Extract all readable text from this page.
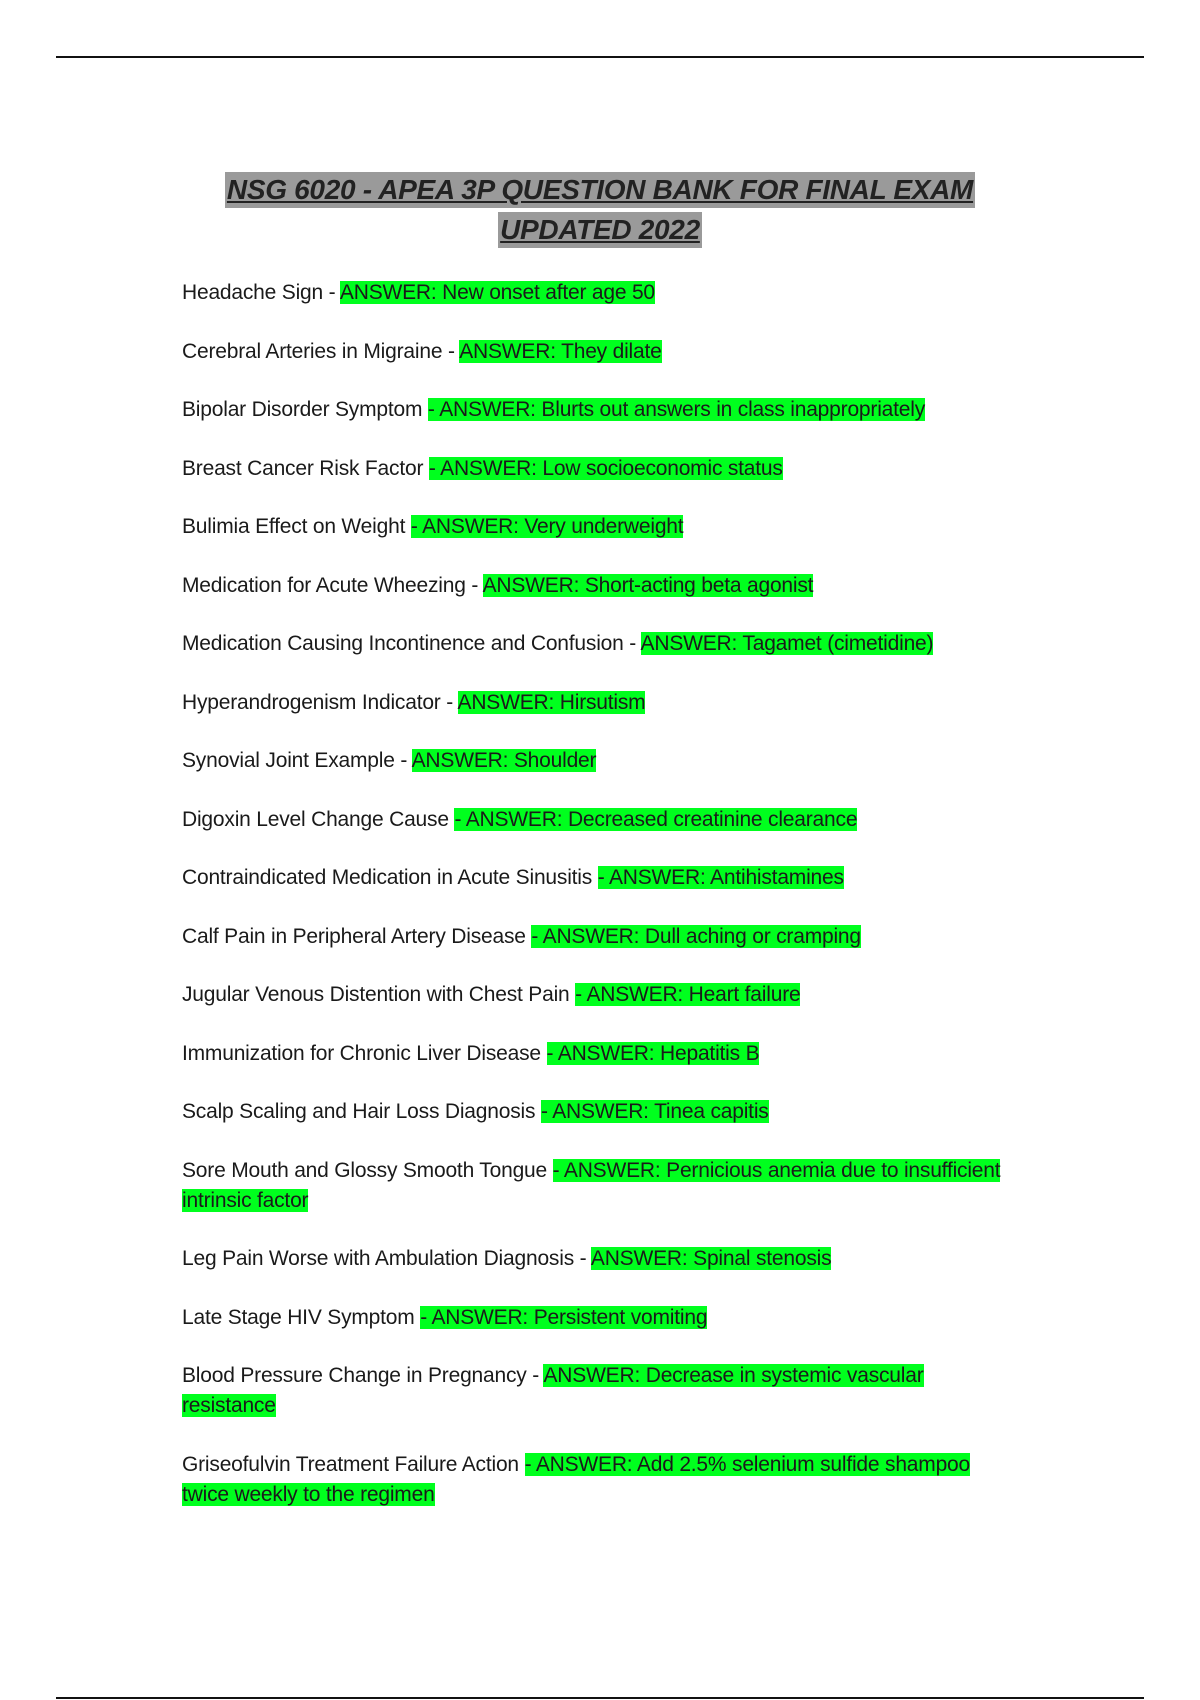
NSG 6020 - APEA 3P QUESTION BANK FOR FINAL EXAM
UPDATED 2022
Headache Sign - ANSWER: New onset after age 50
Cerebral Arteries in Migraine - ANSWER: They dilate
Bipolar Disorder Symptom - ANSWER: Blurts out answers in class inappropriately
Breast Cancer Risk Factor - ANSWER: Low socioeconomic status
Bulimia Effect on Weight - ANSWER: Very underweight
Medication for Acute Wheezing - ANSWER: Short-acting beta agonist
Medication Causing Incontinence and Confusion - ANSWER: Tagamet (cimetidine)
Hyperandrogenism Indicator - ANSWER: Hirsutism
Synovial Joint Example - ANSWER: Shoulder
Digoxin Level Change Cause - ANSWER: Decreased creatinine clearance
Contraindicated Medication in Acute Sinusitis - ANSWER: Antihistamines
Calf Pain in Peripheral Artery Disease - ANSWER: Dull aching or cramping
Jugular Venous Distention with Chest Pain - ANSWER: Heart failure
Immunization for Chronic Liver Disease - ANSWER: Hepatitis B
Scalp Scaling and Hair Loss Diagnosis - ANSWER: Tinea capitis
Sore Mouth and Glossy Smooth Tongue - ANSWER: Pernicious anemia due to insufficient intrinsic factor
Leg Pain Worse with Ambulation Diagnosis - ANSWER: Spinal stenosis
Late Stage HIV Symptom - ANSWER: Persistent vomiting
Blood Pressure Change in Pregnancy - ANSWER: Decrease in systemic vascular resistance
Griseofulvin Treatment Failure Action - ANSWER: Add 2.5% selenium sulfide shampoo twice weekly to the regimen
